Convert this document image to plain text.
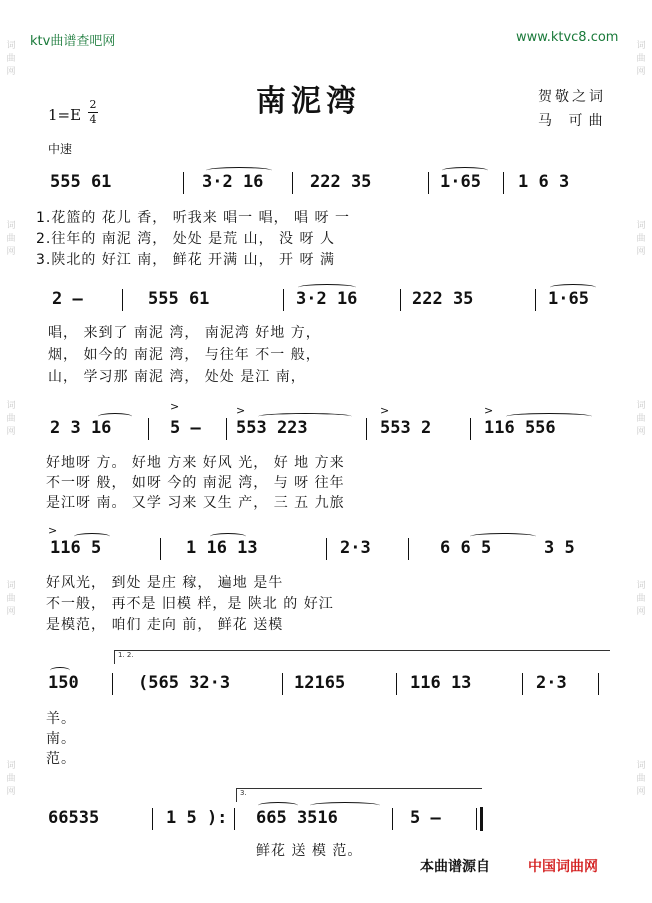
词曲网
词曲网
词曲网
词曲网
词曲网
词曲网
词曲网
词曲网
词曲网
词曲网
ktv曲谱查吧网	www.ktvc8.com
南泥湾
1=E
2
4
贺敬之词
马 可曲
中速
555 61	3·2 16	222 35	1·65 1 6 3
1.花篮的 花儿 香， 听我来 唱一 唱， 唱 呀 一
2.往年的 南泥 湾， 处处 是荒 山， 没 呀 人
3.陕北的 好江 南， 鲜花 开满 山， 开 呀 满
2 —	555 61	3·2 16	222 35	1·65
唱， 来到了 南泥 湾， 南泥湾 好地 方，
烟， 如今的 南泥 湾， 与往年 不一 般，
山， 学习那 南泥 湾， 处处 是江 南，
2 3 16	5 — 553 223	553 2	116 556
>	>	>	>
好地呀 方。 好地 方来 好风 光， 好 地 方来
不一呀 般， 如呀 今的 南泥 湾， 与 呀 往年
是江呀 南。 又学 习来 又生 产， 三 五 九旅
116 5	1 16 13	2·3	6 6 5	3 5
>
好风光， 到处 是庄 稼， 遍地 是牛
不一般， 再不是 旧模 样，是 陕北 的 好江
是模范， 咱们 走向 前， 鲜花 送模
1. 2.
150	(565 32·3	12165	116 13	2·3
羊。
南。
范。
3.
66535	1 5 ): 665 3516	5 —
鲜花 送 模 范。
本曲谱源自	中国词曲网
